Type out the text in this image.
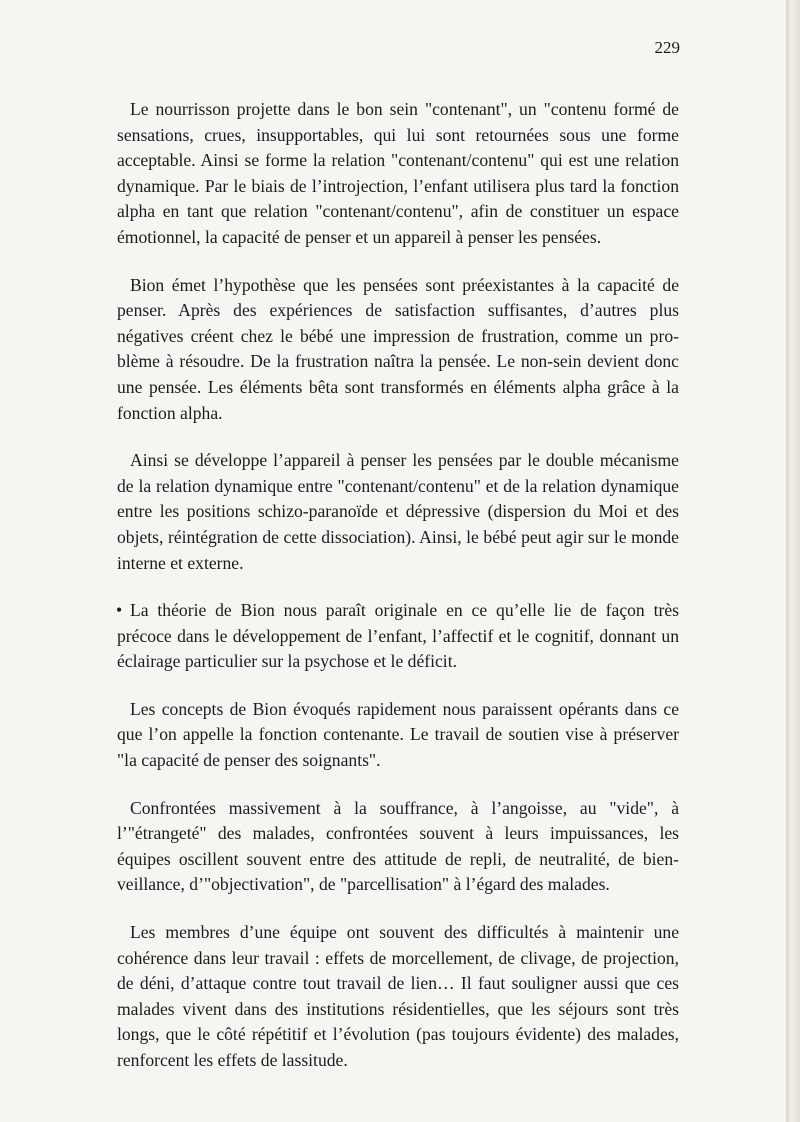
229

Le nourrisson projette dans le bon sein "contenant", un "contenu formé de sensations, crues, insupportables, qui lui sont retournées sous une forme acceptable. Ainsi se forme la relation "contenant/contenu" qui est une relation dynamique. Par le biais de l’introjection, l’enfant utilisera plus tard la fonction alpha en tant que relation "contenant/contenu", afin de constituer un espace émotionnel, la capacité de penser et un appareil à penser les pensées.

Bion émet l’hypothèse que les pensées sont préexistantes à la capacité de penser. Après des expériences de satisfaction suffisantes, d’autres plus négatives créent chez le bébé une impression de frustration, comme un problème à résoudre. De la frustration naîtra la pensée. Le non-sein devient donc une pensée. Les éléments bêta sont transformés en éléments alpha grâce à la fonction alpha.

Ainsi se développe l’appareil à penser les pensées par le double mécanisme de la relation dynamique entre "contenant/contenu" et de la relation dynamique entre les positions schizo-paranoïde et dépressive (dispersion du Moi et des objets, réintégration de cette dissociation). Ainsi, le bébé peut agir sur le monde interne et externe.

• La théorie de Bion nous paraît originale en ce qu’elle lie de façon très précoce dans le développement de l’enfant, l’affectif et le cognitif, donnant un éclairage particulier sur la psychose et le déficit.

Les concepts de Bion évoqués rapidement nous paraissent opérants dans ce que l’on appelle la fonction contenante. Le travail de soutien vise à préserver "la capacité de penser des soignants".

Confrontées massivement à la souffrance, à l’angoisse, au "vide", à l’"étrangeté" des malades, confrontées souvent à leurs impuissances, les équipes oscillent souvent entre des attitude de repli, de neutralité, de bienveillance, d’"objectivation", de "parcellisation" à l’égard des malades.

Les membres d’une équipe ont souvent des difficultés à maintenir une cohérence dans leur travail : effets de morcellement, de clivage, de projection, de déni, d’attaque contre tout travail de lien… Il faut souligner aussi que ces malades vivent dans des institutions résidentielles, que les séjours sont très longs, que le côté répétitif et l’évolution (pas toujours évidente) des malades, renforcent les effets de lassitude.
